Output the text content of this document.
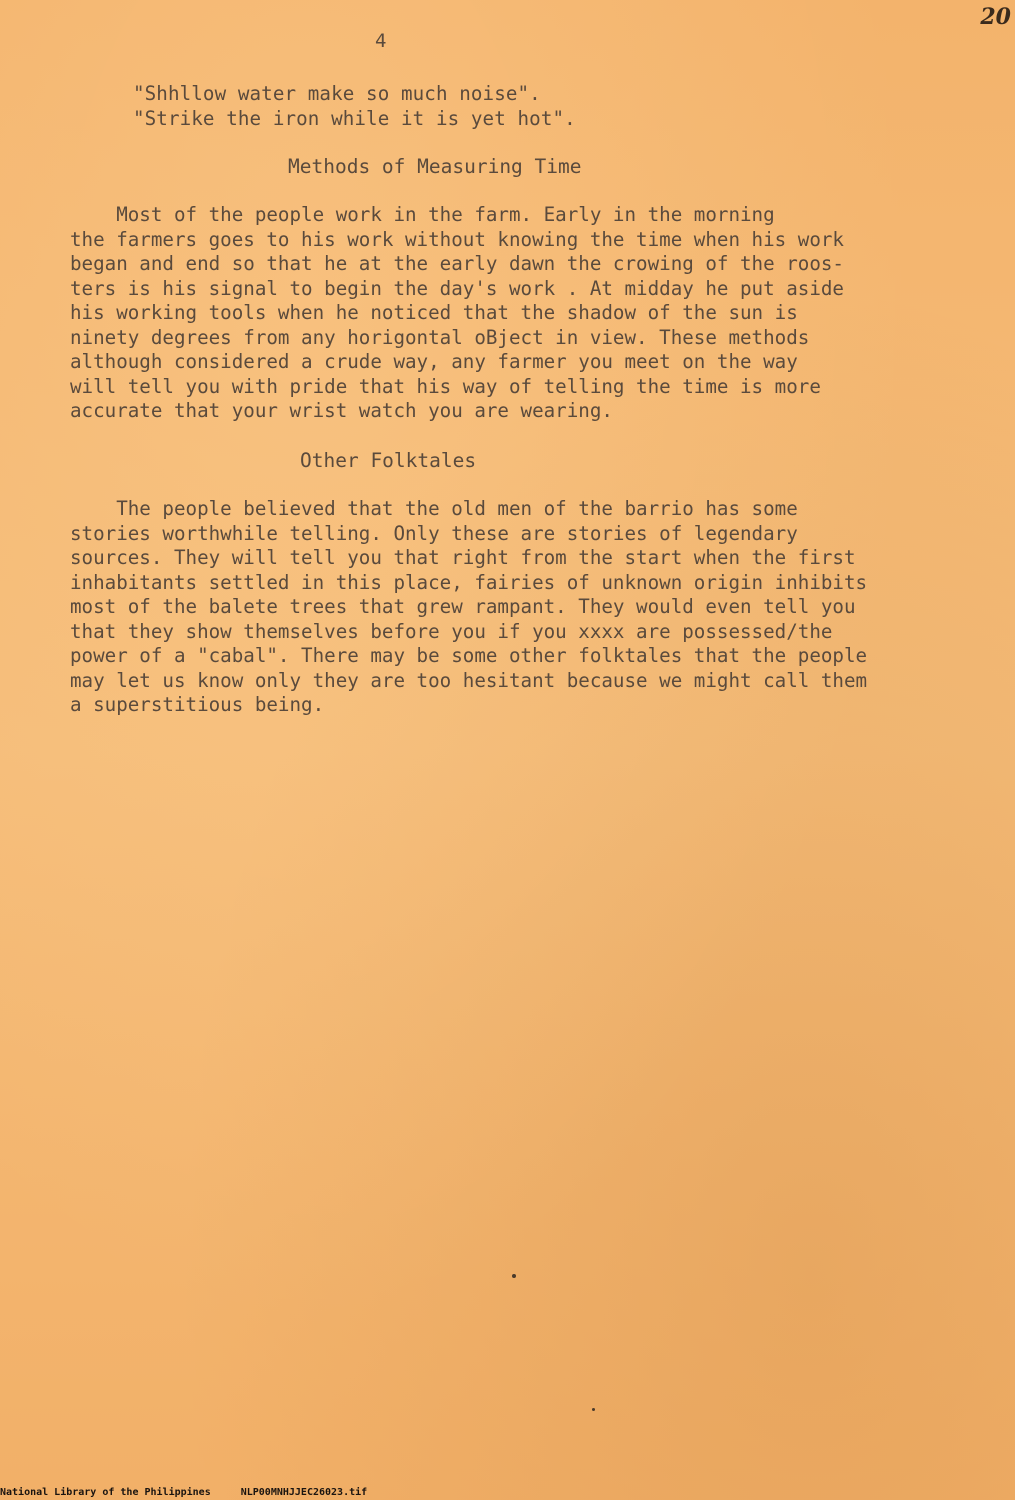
20
4
"Shhllow water make so much noise".
"Strike the iron while it is yet hot".
Methods of Measuring Time
Most of the people work in the farm. Early in the morning
the farmers goes to his work without knowing the time when his work
began and end so that he at the early dawn the crowing of the roos-
ters is his signal to begin the day's work . At midday he put aside
his working tools when he noticed that the shadow of the sun is
ninety degrees from any horigontal oBject in view. These methods
although considered a crude way, any farmer you meet on the way
will tell you with pride that his way of telling the time is more
accurate that your wrist watch you are wearing.
Other Folktales
The people believed that the old men of the barrio has some
stories worthwhile telling. Only these are stories of legendary
sources. They will tell you that right from the start when the first
inhabitants settled in this place, fairies of unknown origin inhibits
most of the balete trees that grew rampant. They would even tell you
that they show themselves before you if you xxxx are possessed/the
power of a "cabal". There may be some other folktales that the people
may let us know only they are too hesitant because we might call them
a superstitious being.
National Library of the Philippines	NLP00MNHJJEC26023.tif
